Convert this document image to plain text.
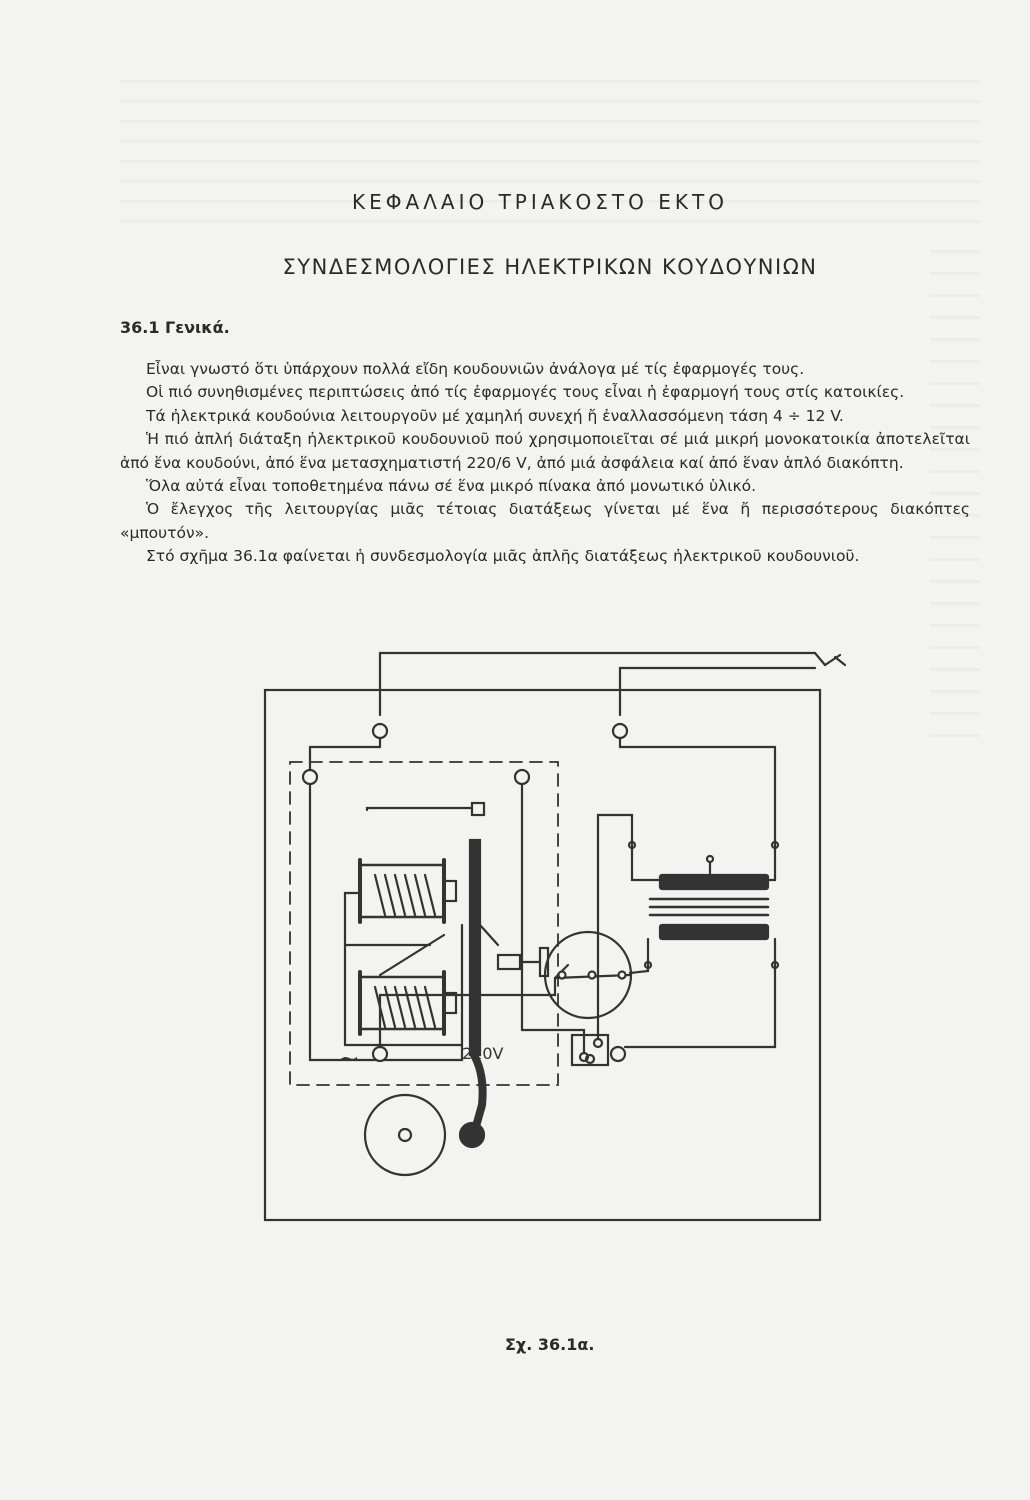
ΚΕΦΑΛΑΙΟ ΤΡΙΑΚΟΣΤΟ ΕΚΤΟ
ΣΥΝΔΕΣΜΟΛΟΓΙΕΣ ΗΛΕΚΤΡΙΚΩΝ ΚΟΥΔΟΥΝΙΩΝ
36.1 Γενικά.

Εἶναι γνωστό ὅτι ὑπάρχουν πολλά εἴδη κουδουνιῶν ἀνάλογα μέ τίς ἐφαρμογές τους.

Οἱ πιό συνηθισμένες περιπτώσεις ἀπό τίς ἐφαρμογές τους εἶναι ἡ ἐφαρμογή τους στίς κατοικίες.

Τά ἠλεκτρικά κουδούνια λειτουργοῦν μέ χαμηλή συνεχή ἤ ἐναλλασσόμενη τάση 4 ÷ 12 V.

Ἡ πιό ἁπλή διάταξη ἠλεκτρικοῦ κουδουνιοῦ πού χρησιμοποιεῖται σέ μιά μικρή μονοκατοικία ἀποτελεῖται ἀπό ἕνα κουδούνι, ἀπό ἕνα μετασχηματιστή 220/6 V, ἀπό μιά ἀσφάλεια καί ἀπό ἕναν ἁπλό διακόπτη.

Ὅλα αὐτά εἶναι τοποθετημένα πάνω σέ ἕνα μικρό πίνακα ἀπό μονωτικό ὑλικό.

Ὁ ἔλεγχος τῆς λειτουργίας μιᾶς τέτοιας διατάξεως γίνεται μέ ἕνα ἤ περισσότερους διακόπτες «μπουτόν».

Στό σχῆμα 36.1α φαίνεται ἡ συνδεσμολογία μιᾶς ἁπλῆς διατάξεως ἠλεκτρικοῦ κουδουνιοῦ.

220V
~
Σχ. 36.1α.
